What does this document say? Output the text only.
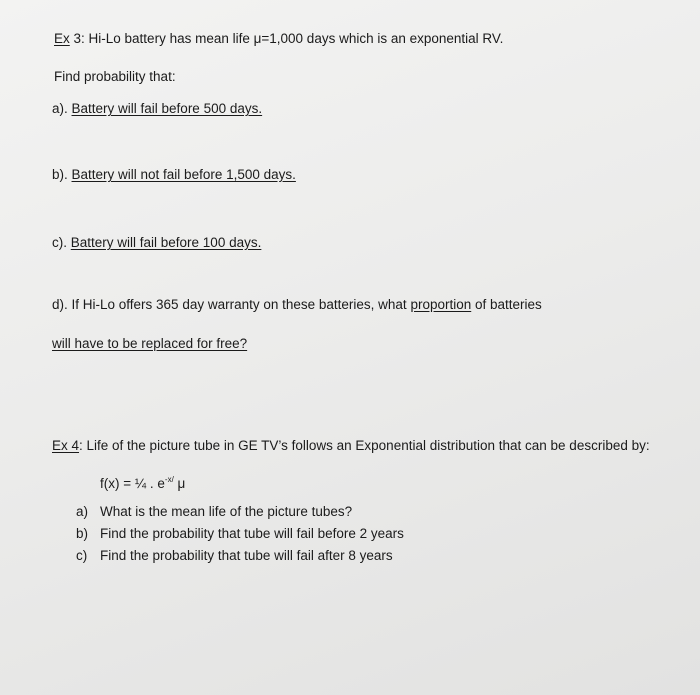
Ex 3: Hi-Lo battery has mean life μ=1,000 days which is an exponential RV.
Find probability that:
a). Battery will fail before 500 days.
b). Battery will not fail before 1,500 days.
c). Battery will fail before 100 days.
d). If Hi-Lo offers 365 day warranty on these batteries, what proportion of batteries
will have to be replaced for free?
Ex 4: Life of the picture tube in GE TV’s follows an Exponential distribution that can be described by:
f(x) = ¼ . $e^{-x/}$ μ
a) What is the mean life of the picture tubes?
b) Find the probability that tube will fail before 2 years
c) Find the probability that tube will fail after 8 years
